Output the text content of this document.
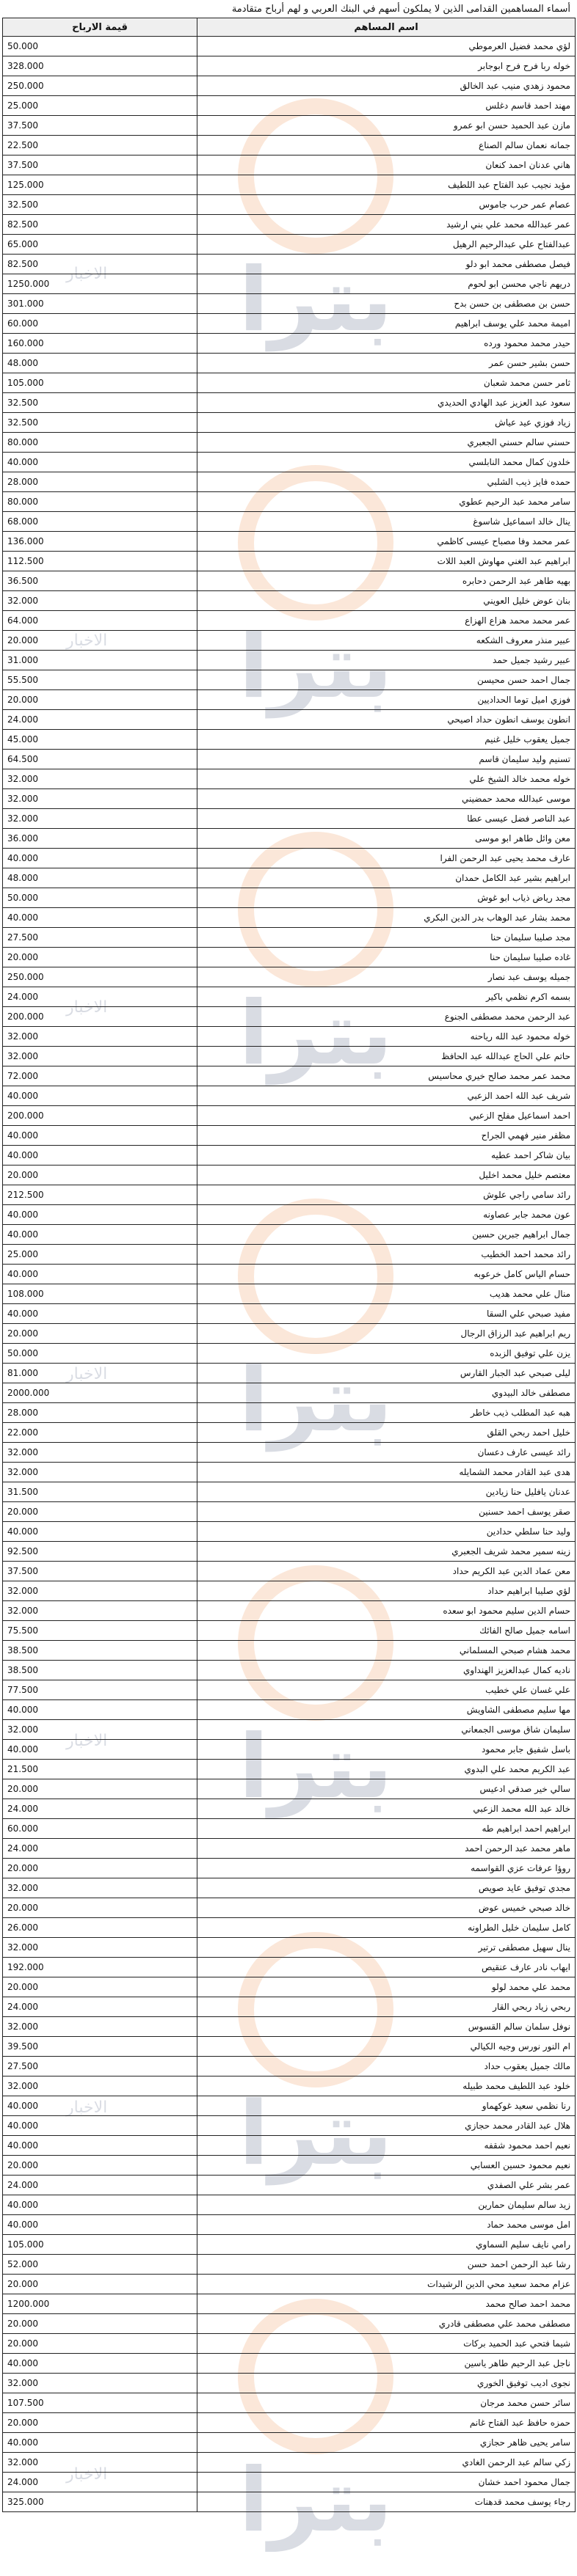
بترا
الاخبار
بترا
الاخبار
بترا
الاخبار
بترا
الاخبار
بترا
الاخبار
بترا
الاخبار
بترا
الاخبار
أسماء المساهمين القدامى الذين لا يملكون أسهم في البنك العربي و لهم أرباح متقادمة
قيمة الارباح	اسم المساهم
50.000	لؤي محمد فضيل العرموطي
328.000	خوله ربا فرح فرح ابوجابر
250.000	محمود زهدي منيب عبد الخالق
25.000	مهند احمد قاسم دغلس
37.500	مازن عبد الحميد حسن ابو عمرو
22.500	جمانه نعمان سالم الصناع
37.500	هاني عدنان احمد كنعان
125.000	مؤيد نجيب عبد الفتاح عبد اللطيف
32.500	عصام عمر حرب جاموس
82.500	عمر عبدالله محمد علي بني ارشيد
65.000	عبدالفتاح علي عبدالرحيم الرهيل
82.500	فيصل مصطفى محمد ابو دلو
1250.000	دريهم ناجي محسن ابو لحوم
301.000	حسن بن مصطفى بن حسن بدح
60.000	اميمة محمد علي يوسف ابراهيم
160.000	حيدر محمد محمود ورده
48.000	حسن بشير حسن عمر
105.000	ثامر حسن محمد شعبان
32.500	سعود عبد العزيز عبد الهادي الحديدي
32.500	زياد فوزي عيد عياش
80.000	حسني سالم حسني الجعبري
40.000	خلدون كمال محمد النابلسي
28.000	حمده فايز ذيب الشلبي
80.000	سامر محمد عبد الرحيم عطوي
68.000	ينال خالد اسماعيل شاسوغ
136.000	عمر محمد وفا مصباح عيسى كاظمي
112.500	ابراهيم عبد الغني مهاوش العبد اللات
36.500	بهيه طاهر عبد الرحمن دحابره
32.000	بنان عوض خليل العويني
64.000	عمر محمد محمد هزاع الهزاع
20.000	عبير منذر معروف الشكعه
31.000	عبير رشيد جميل حمد
55.500	جمال احمد حسن محيسن
20.000	فوزي اميل توما الحداديين
24.000	انطون يوسف انطون حداد اصيحي
45.000	جميل يعقوب خليل غنيم
64.500	تسنيم وليد سليمان قاسم
32.000	خوله محمد خالد الشيخ علي
32.000	موسى عبدالله محمد حمضيني
32.000	عبد الناصر فضل عيسى عطا
36.000	معن وائل طاهر ابو موسى
40.000	عارف محمد يحيى عبد الرحمن الفرا
48.000	ابراهيم بشير عبد الكامل حمدان
50.000	مجد رياض ذياب ابو غوش
40.000	محمد بشار عبد الوهاب بدر الدين البكري
27.500	مجد صليبا سليمان حنا
20.000	غاده صليبا سليمان حنا
250.000	جميله يوسف عبد نصار
24.000	بسمه اكرم نظمي باكير
200.000	عبد الرحمن محمد مصطفى الجنوع
32.000	خوله محمود عبد الله رياحنه
32.000	حاتم علي الحاج عبدالله عبد الحافظ
72.000	محمد عمر محمد صالح خيري محاسيس
40.000	شريف عبد الله احمد الزعبي
200.000	احمد اسماعيل مفلح الزعبي
40.000	مظفر منير فهمي الجراح
40.000	بيان شاكر احمد عطيه
20.000	معتصم خليل محمد اخليل
212.500	رائد سامي راجي علوش
40.000	عون محمد جابر عصاونه
40.000	جمال ابراهيم جبرين حسين
25.000	رائد محمد احمد الخطيب
40.000	حسام الياس كامل خرعوبه
108.000	منال علي محمد هديب
40.000	مفيد صبحي علي السقا
20.000	ريم ابراهيم عبد الرزاق الرجال
50.000	يزن علي توفيق الزبده
81.000	ليلى صبحي عبد الجبار القارس
2000.000	مصطفى خالد البيدوي
28.000	هبه عبد المطلب ذيب خاطر
22.000	خليل احمد ربحي القلق
32.000	رائد عيسى عارف دعسان
32.000	هدى عبد القادر محمد الشمايله
31.500	عدنان يافليل حنا زيادين
20.000	صقر يوسف احمد حسنين
40.000	وليد حنا سلطي حدادين
92.500	زينه سمير محمد شريف الجعبري
37.500	معن عماد الدين عبد الكريم حداد
32.000	لؤي صليبا ابراهيم حداد
32.000	حسام الدين سليم محمود ابو سعده
75.500	اسامه جميل صالح الفائك
38.500	محمد هشام صبحي المسلماني
38.500	ناديه كمال عبدالعزيز الهنداوي
77.500	علي غسان علي خطيب
40.000	مها سليم مصطفى الشاويش
32.000	سليمان شاق موسى الجمعاني
40.000	باسل شفيق جابر محمود
21.500	عبد الكريم محمد علي البدوي
20.000	سالي خير صدقي ادعيس
24.000	خالد عبد الله محمد الزعبي
60.000	ابراهيم احمد ابراهيم طه
24.000	ماهر محمد عبد الرحمن احمد
20.000	روؤا عرفات عزي القواسمه
32.000	مجدي توفيق عايد صويص
20.000	خالد صبحي خميس عوض
26.000	كامل سليمان خليل الطراونه
32.000	ينال سهيل مصطفى ترتير
192.000	ايهاب نادر عارف عنقيص
20.000	محمد علي محمد لولو
24.000	ربحي زياد ربحي القار
32.000	نوفل سلمان سالم القسوس
39.500	ام النور نورس وجيه الكيالي
27.500	مالك جميل يعقوب حداد
32.000	خلود عبد اللطيف محمد طبيله
40.000	رنا نظمي سعيد غوكهماو
40.000	هلال عبد القادر محمد حجازي
40.000	نعيم احمد محمود شقفه
20.000	نعيم محمود حسين العسابي
24.000	عمر بشر علي الصفدي
40.000	زيد سالم سليمان حمارين
40.000	امل موسى محمد حماد
105.000	رامي نايف سليم السماوي
52.000	رشا عبد الرحمن احمد حسن
20.000	عزام محمد سعيد محي الدين الرشيدات
1200.000	محمد احمد صالح محمد
20.000	مصطفى محمد علي مصطفى قادري
20.000	شيما فتحي عبد الحميد بركات
40.000	ناجل عبد الرحيم طاهر ياسين
32.000	نجوى اديب توفيق الخوري
107.500	سائر حسن محمد مرجان
20.000	حمزه حافظ عبد الفتاح غانم
40.000	سامر يحيى ظاهر حجازي
32.000	زكي سالم عبد الرحمن الغادي
24.000	جمال محمود احمد خشان
325.000	رجاء يوسف محمد قدهنات
